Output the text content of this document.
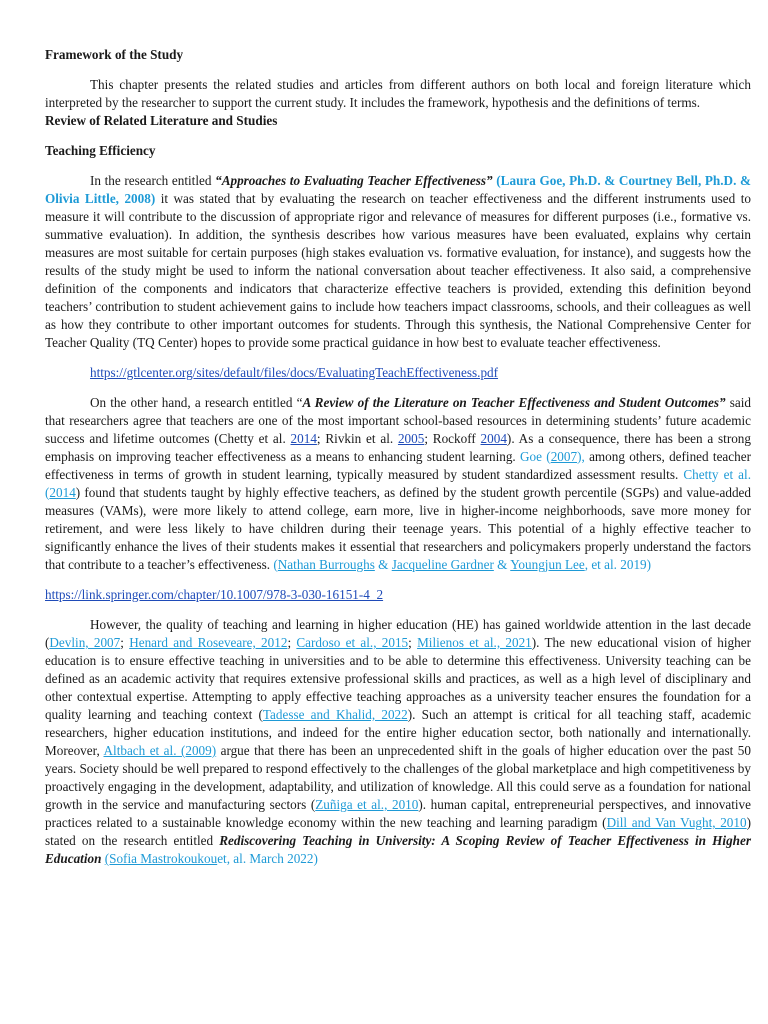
Framework of the Study

This chapter presents the related studies and articles from different authors on both local and foreign literature which interpreted by the researcher to support the current study. It includes the framework, hypothesis and the definitions of terms.

Review of Related Literature and Studies

Teaching Efficiency

In the research entitled “Approaches to Evaluating Teacher Effectiveness” (Laura Goe, Ph.D. & Courtney Bell, Ph.D. & Olivia Little, 2008) it was stated that by evaluating the research on teacher effectiveness and the different instruments used to measure it will contribute to the discussion of appropriate rigor and relevance of measures for different purposes (i.e., formative vs. summative evaluation). In addition, the synthesis describes how various measures have been evaluated, explains why certain measures are most suitable for certain purposes (high stakes evaluation vs. formative evaluation, for instance), and suggests how the results of the study might be used to inform the national conversation about teacher effectiveness. It also said, a comprehensive definition of the components and indicators that characterize effective teachers is provided, extending this definition beyond teachers’ contribution to student achievement gains to include how teachers impact classrooms, schools, and their colleagues as well as how they contribute to other important outcomes for students. Through this synthesis, the National Comprehensive Center for Teacher Quality (TQ Center) hopes to provide some practical guidance in how best to evaluate teacher effectiveness.

https://gtlcenter.org/sites/default/files/docs/EvaluatingTeachEffectiveness.pdf

On the other hand, a research entitled “A Review of the Literature on Teacher Effectiveness and Student Outcomes” said that researchers agree that teachers are one of the most important school-based resources in determining students’ future academic success and lifetime outcomes (Chetty et al. 2014; Rivkin et al. 2005; Rockoff 2004). As a consequence, there has been a strong emphasis on improving teacher effectiveness as a means to enhancing student learning. Goe (2007), among others, defined teacher effectiveness in terms of growth in student learning, typically measured by student standardized assessment results. Chetty et al. (2014) found that students taught by highly effective teachers, as defined by the student growth percentile (SGPs) and value-added measures (VAMs), were more likely to attend college, earn more, live in higher-income neighborhoods, save more money for retirement, and were less likely to have children during their teenage years. This potential of a highly effective teacher to significantly enhance the lives of their students makes it essential that researchers and policymakers properly understand the factors that contribute to a teacher’s effectiveness. (Nathan Burroughs & Jacqueline Gardner & Youngjun Lee, et al. 2019)

https://link.springer.com/chapter/10.1007/978-3-030-16151-4_2

However, the quality of teaching and learning in higher education (HE) has gained worldwide attention in the last decade (Devlin, 2007; Henard and Roseveare, 2012; Cardoso et al., 2015; Milienos et al., 2021). The new educational vision of higher education is to ensure effective teaching in universities and to be able to determine this effectiveness. University teaching can be defined as an academic activity that requires extensive professional skills and practices, as well as a high level of disciplinary and other contextual expertise. Attempting to apply effective teaching approaches as a university teacher ensures the foundation for a quality learning and teaching context (Tadesse and Khalid, 2022). Such an attempt is critical for all teaching staff, academic researchers, higher education institutions, and indeed for the entire higher education sector, both nationally and internationally. Moreover, Altbach et al. (2009) argue that there has been an unprecedented shift in the goals of higher education over the past 50 years. Society should be well prepared to respond effectively to the challenges of the global marketplace and high competitiveness by proactively engaging in the development, adaptability, and utilization of knowledge. All this could serve as a foundation for national growth in the service and manufacturing sectors (Zuñiga et al., 2010). human capital, entrepreneurial perspectives, and innovative practices related to a sustainable knowledge economy within the new teaching and learning paradigm (Dill and Van Vught, 2010) stated on the research entitled Rediscovering Teaching in University: A Scoping Review of Teacher Effectiveness in Higher Education (Sofia Mastrokoukouet, al. March 2022)
